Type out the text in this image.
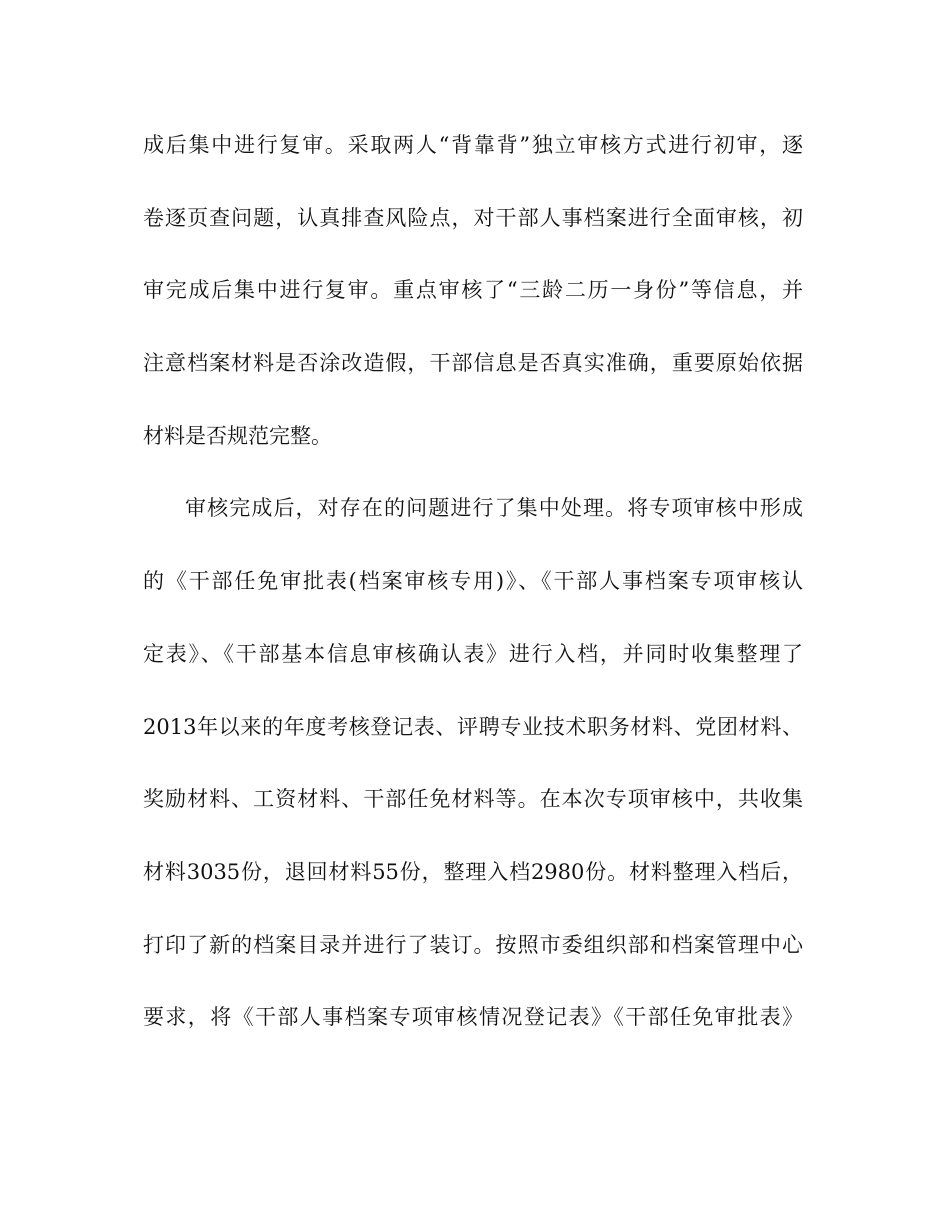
成后集中进行复审。采取两人“背靠背”独立审核方式进行初审，逐
卷逐页查问题，认真排查风险点，对干部人事档案进行全面审核，初
审完成后集中进行复审。重点审核了“三龄二历一身份”等信息，并
注意档案材料是否涂改造假，干部信息是否真实准确，重要原始依据
材料是否规范完整。
审核完成后，对存在的问题进行了集中处理。将专项审核中形成
的《干部任免审批表(档案审核专用)》、《干部人事档案专项审核认
定表》、《干部基本信息审核确认表》进行入档，并同时收集整理了
2013年以来的年度考核登记表、评聘专业技术职务材料、党团材料、
奖励材料、工资材料、干部任免材料等。在本次专项审核中，共收集
材料3035份，退回材料55份，整理入档2980份。材料整理入档后，
打印了新的档案目录并进行了装订。按照市委组织部和档案管理中心
要求，将《干部人事档案专项审核情况登记表》《干部任免审批表》
